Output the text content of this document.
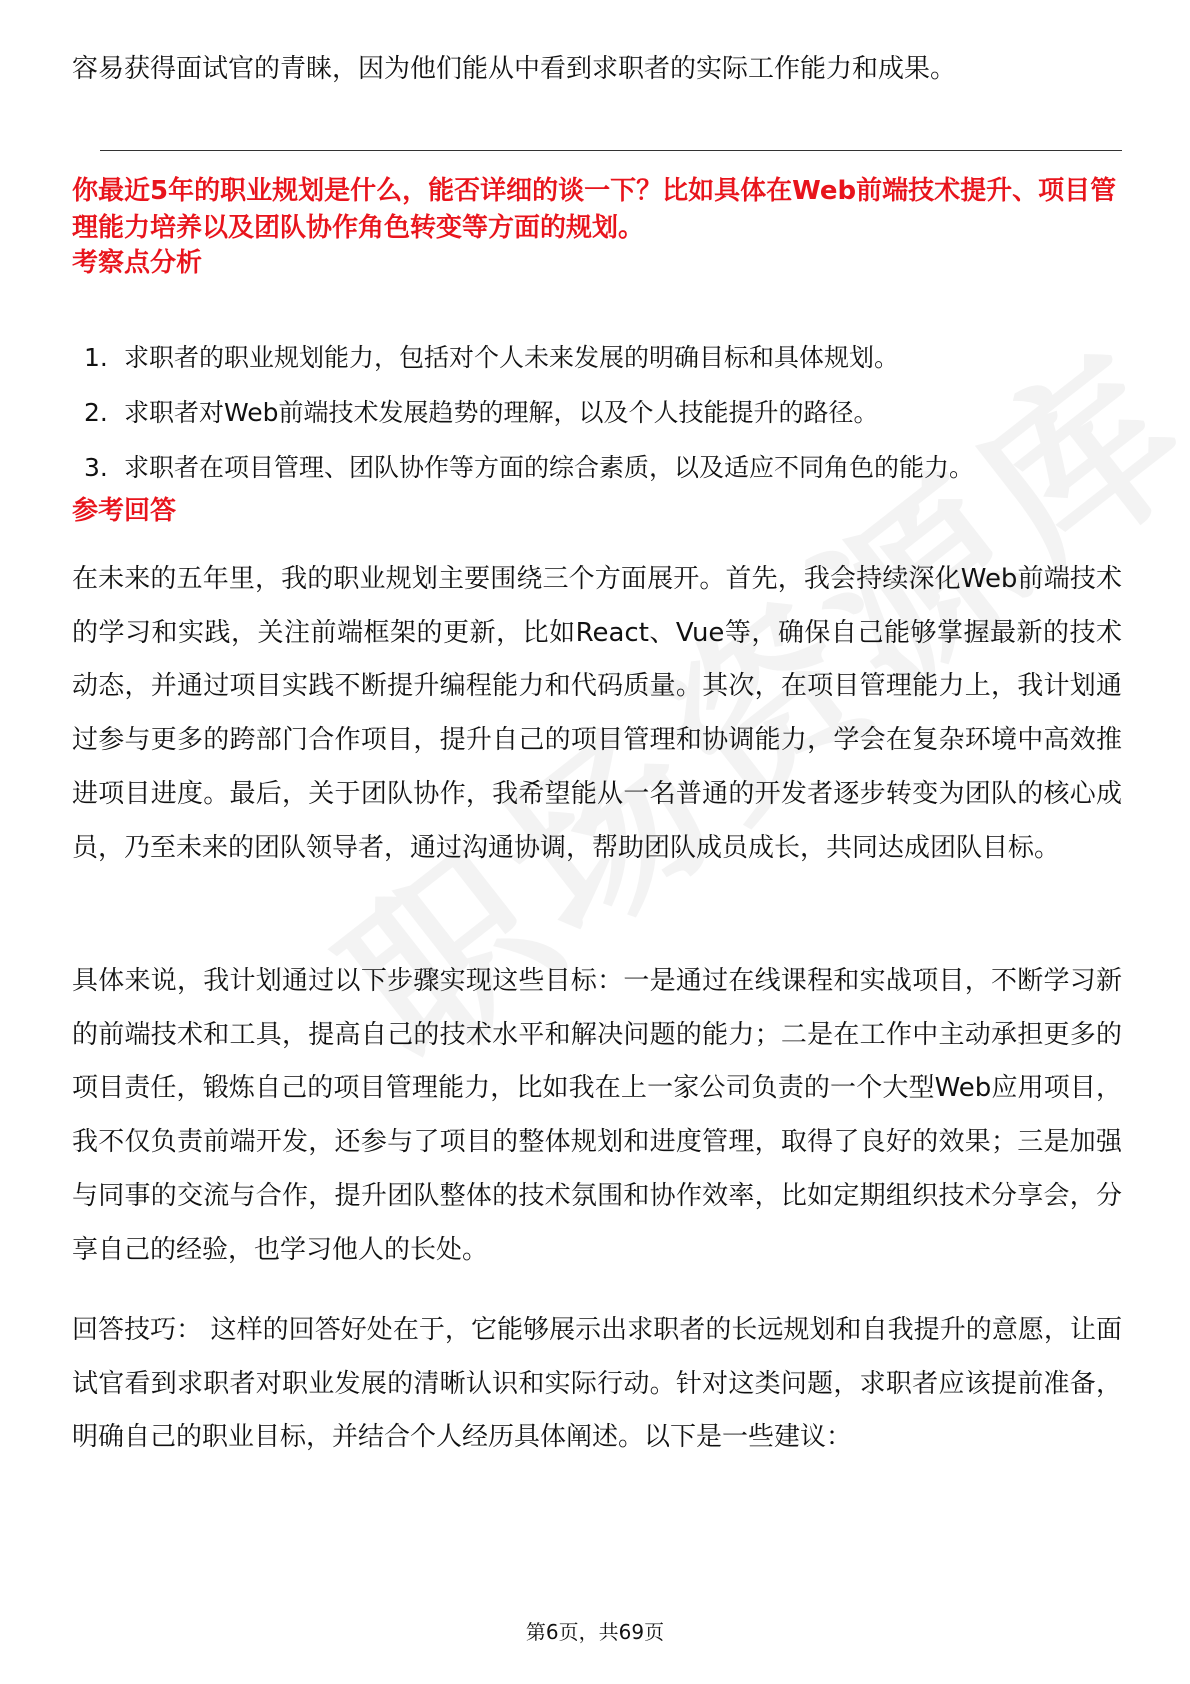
容易获得面试官的青睐，因为他们能从中看到求职者的实际工作能力和成果。

你最近5年的职业规划是什么，能否详细的谈一下？比如具体在Web前端技术提升、项目管理能力培养以及团队协作角色转变等方面的规划。

考察点分析
1. 求职者的职业规划能力，包括对个人未来发展的明确目标和具体规划。
2. 求职者对Web前端技术发展趋势的理解，以及个人技能提升的路径。
3. 求职者在项目管理、团队协作等方面的综合素质，以及适应不同角色的能力。
参考回答

在未来的五年里，我的职业规划主要围绕三个方面展开。首先，我会持续深化Web前端技术的学习和实践，关注前端框架的更新，比如React、Vue等，确保自己能够掌握最新的技术动态，并通过项目实践不断提升编程能力和代码质量。其次，在项目管理能力上，我计划通过参与更多的跨部门合作项目，提升自己的项目管理和协调能力，学会在复杂环境中高效推进项目进度。最后，关于团队协作，我希望能从一名普通的开发者逐步转变为团队的核心成员，乃至未来的团队领导者，通过沟通协调，帮助团队成员成长，共同达成团队目标。

具体来说，我计划通过以下步骤实现这些目标：一是通过在线课程和实战项目，不断学习新的前端技术和工具，提高自己的技术水平和解决问题的能力；二是在工作中主动承担更多的项目责任，锻炼自己的项目管理能力，比如我在上一家公司负责的一个大型Web应用项目，我不仅负责前端开发，还参与了项目的整体规划和进度管理，取得了良好的效果；三是加强与同事的交流与合作，提升团队整体的技术氛围和协作效率，比如定期组织技术分享会，分享自己的经验，也学习他人的长处。

回答技巧： 这样的回答好处在于，它能够展示出求职者的长远规划和自我提升的意愿，让面试官看到求职者对职业发展的清晰认识和实际行动。针对这类问题，求职者应该提前准备，明确自己的职业目标，并结合个人经历具体阐述。以下是一些建议：

第6页，共69页
